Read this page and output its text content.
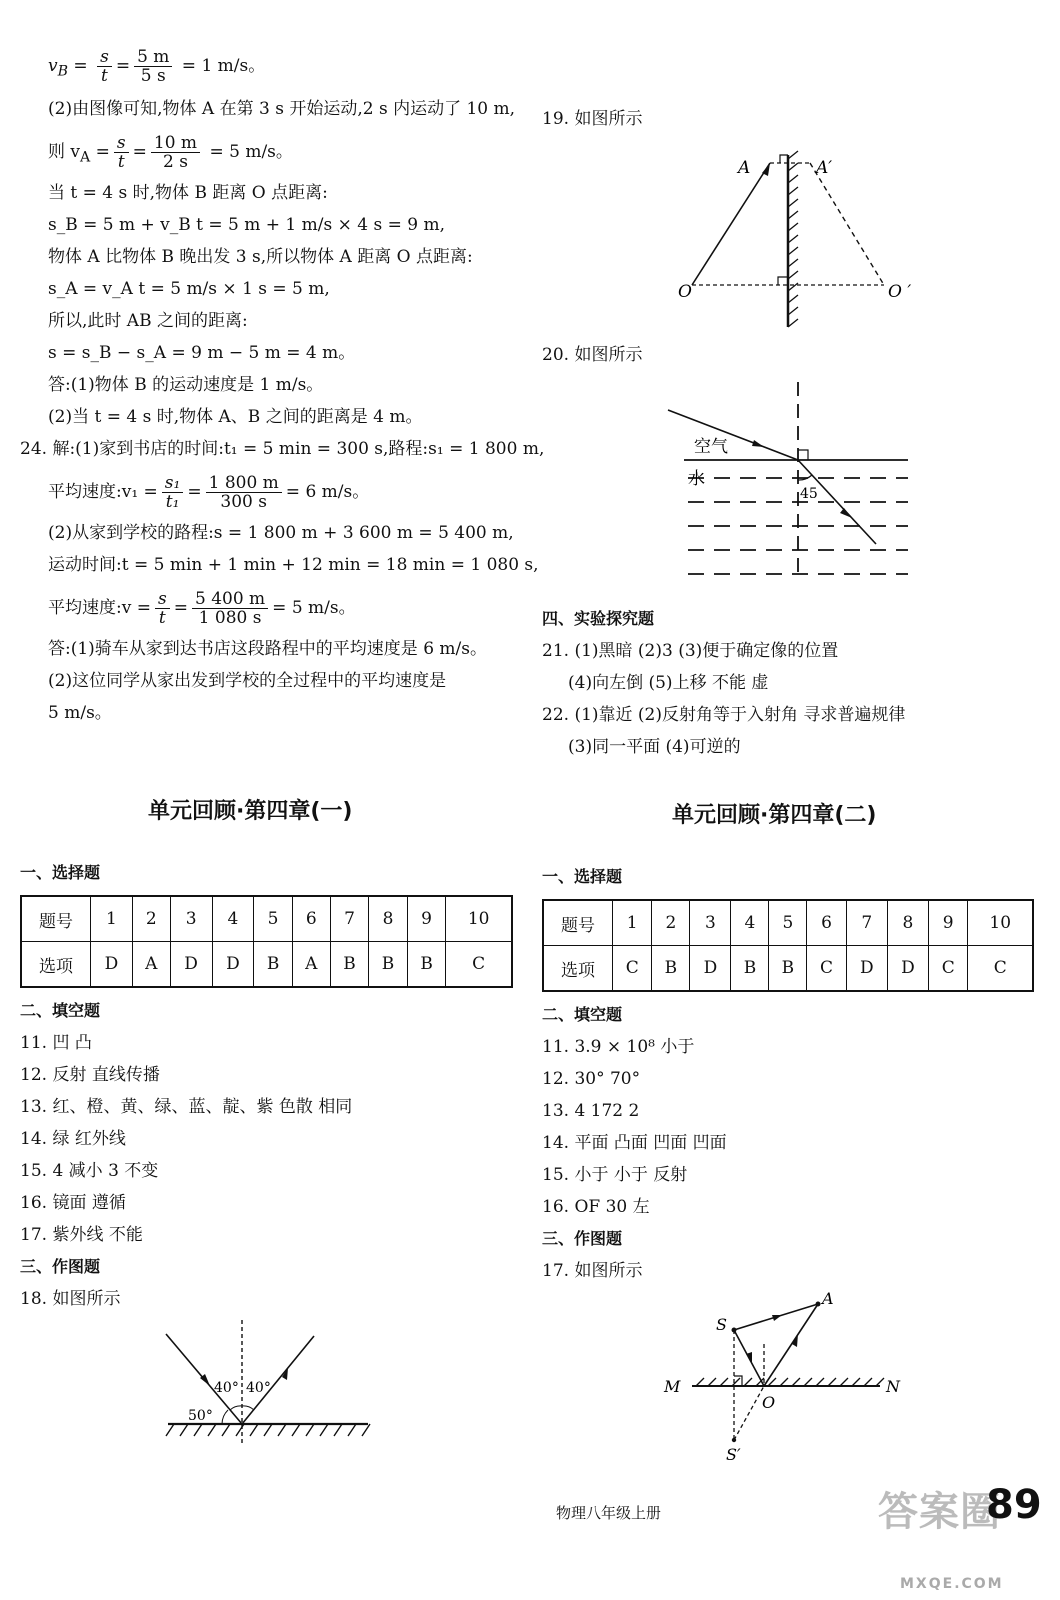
$v_B = \frac{s}{t} = \frac{5 m}{5 s} = 1$ m/s。
(2)由图像可知,物体 A 在第 3 s 开始运动,2 s 内运动了 10 m,
则 $v_A = \frac{s}{t} = \frac{10 m}{2 s} = 5$ m/s。
当 t = 4 s 时,物体 B 距离 O 点距离:
s_B = 5 m + v_B t = 5 m + 1 m/s × 4 s = 9 m,
物体 A 比物体 B 晚出发 3 s,所以物体 A 距离 O 点距离:
s_A = v_A t = 5 m/s × 1 s = 5 m,
所以,此时 AB 之间的距离:
s = s_B − s_A = 9 m − 5 m = 4 m。
答:(1)物体 B 的运动速度是 1 m/s。
(2)当 t = 4 s 时,物体 A、B 之间的距离是 4 m。
24. 解:(1)家到书店的时间:t₁ = 5 min = 300 s,路程:s₁ = 1 800 m,
平均速度:v₁ = $\frac{\text{s₁}}{\text{t₁}} = \frac{1 800 m}{300 s} = 6$ m/s。
(2)从家到学校的路程:s = 1 800 m + 3 600 m = 5 400 m,
运动时间:t = 5 min + 1 min + 12 min = 18 min = 1 080 s,
平均速度:v = $\frac{s}{t} = \frac{5 400 m}{1 080 s} = 5$ m/s。
答:(1)骑车从家到达书店这段路程中的平均速度是 6 m/s。
(2)这位同学从家出发到学校的全过程中的平均速度是
5 m/s。
19. 如图所示
A	A′
O	O ′
20. 如图所示
空气
水
45
四、实验探究题
21. (1)黑暗 (2)3 (3)便于确定像的位置
(4)向左倒 (5)上移 不能 虚
22. (1)靠近 (2)反射角等于入射角 寻求普遍规律
(3)同一平面 (4)可逆的
单元回顾·第四章(一)
一、选择题
题号	1	2	3	4	5	6	7	8	9	10
选项	D	A	D	D	B	A	B	B	B	C
二、填空题
11. 凹 凸
12. 反射 直线传播
13. 红、橙、黄、绿、蓝、靛、紫 色散 相同
14. 绿 红外线
15. 4 减小 3 不变
16. 镜面 遵循
17. 紫外线 不能
三、作图题
18. 如图所示
40° 40°
50°
单元回顾·第四章(二)
一、选择题
题号	1	2	3	4	5	6	7	8	9	10
选项	C	B	D	B	B	C	D	D	C	C
二、填空题
11. 3.9 × 10⁸ 小于
12. 30° 70°
13. 4 172 2
14. 平面 凸面 凹面 凹面
15. 小于 小于 反射
16. OF 30 左
三、作图题
17. 如图所示
S
A
M	N
O
S′
物理八年级上册	答案圈
89
MXQE.COM
